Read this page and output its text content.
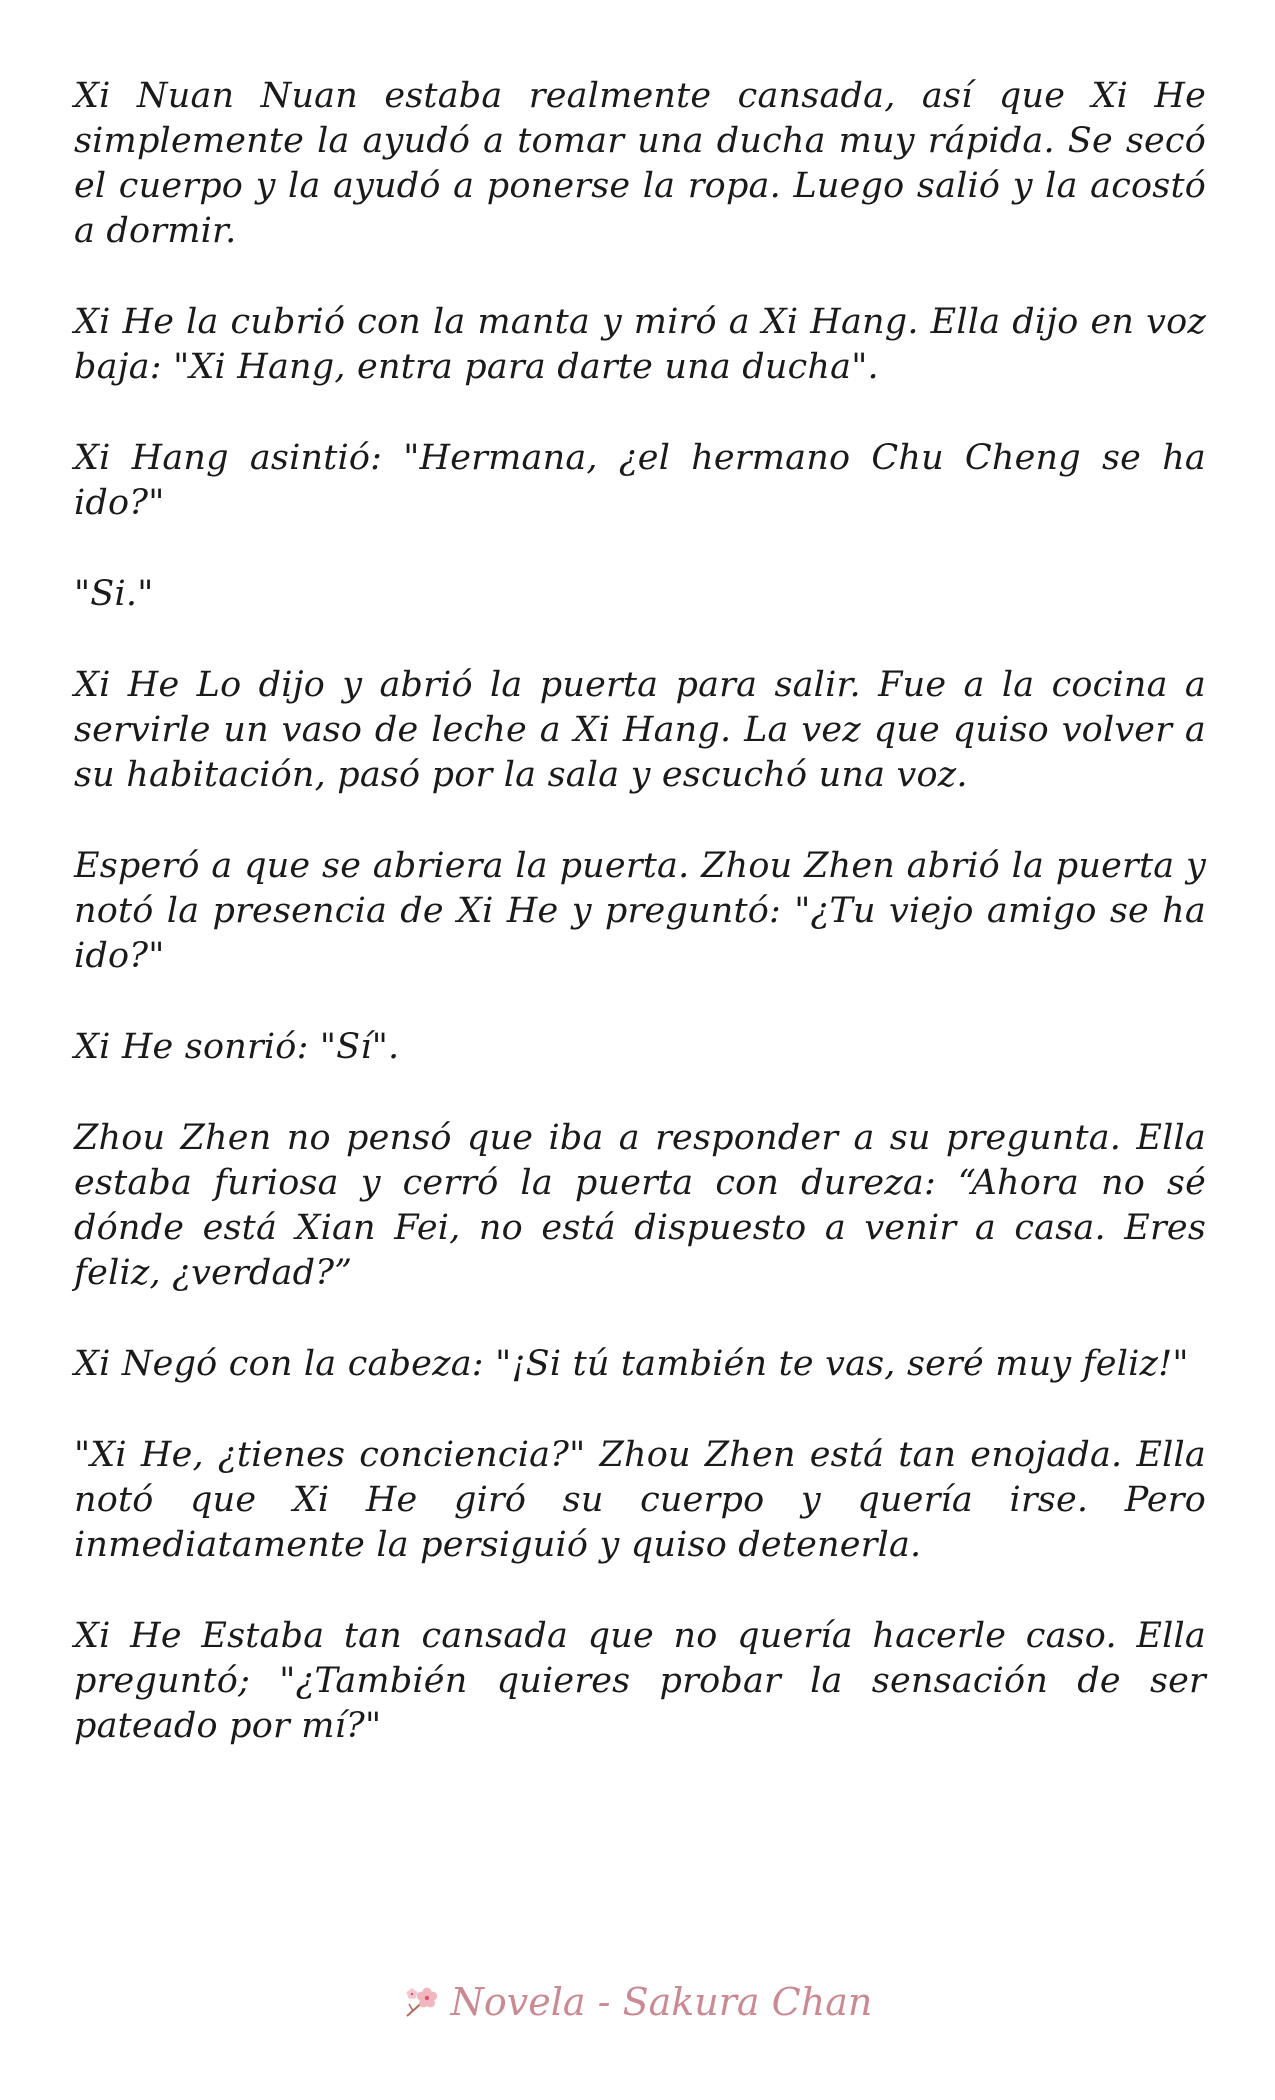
Xi Nuan Nuan estaba realmente cansada, así que Xi He simplemente la ayudó a tomar una ducha muy rápida. Se secó el cuerpo y la ayudó a ponerse la ropa. Luego salió y la acostó a dormir.

Xi He la cubrió con la manta y miró a Xi Hang. Ella dijo en voz baja: "Xi Hang, entra para darte una ducha".

Xi Hang asintió: "Hermana, ¿el hermano Chu Cheng se ha ido?"

"Si."

Xi He Lo dijo y abrió la puerta para salir. Fue a la cocina a servirle un vaso de leche a Xi Hang. La vez que quiso volver a su habitación, pasó por la sala y escuchó una voz.

Esperó a que se abriera la puerta. Zhou Zhen abrió la puerta y notó la presencia de Xi He y preguntó: "¿Tu viejo amigo se ha ido?"

Xi He sonrió: "Sí".

Zhou Zhen no pensó que iba a responder a su pregunta. Ella estaba furiosa y cerró la puerta con dureza: “Ahora no sé dónde está Xian Fei, no está dispuesto a venir a casa. Eres feliz, ¿verdad?”

Xi Negó con la cabeza: "¡Si tú también te vas, seré muy feliz!"

"Xi He, ¿tienes conciencia?" Zhou Zhen está tan enojada. Ella notó que Xi He giró su cuerpo y quería irse. Pero inmediatamente la persiguió y quiso detenerla.

Xi He Estaba tan cansada que no quería hacerle caso. Ella preguntó; "¿También quieres probar la sensación de ser pateado por mí?"

Novela - Sakura Chan
